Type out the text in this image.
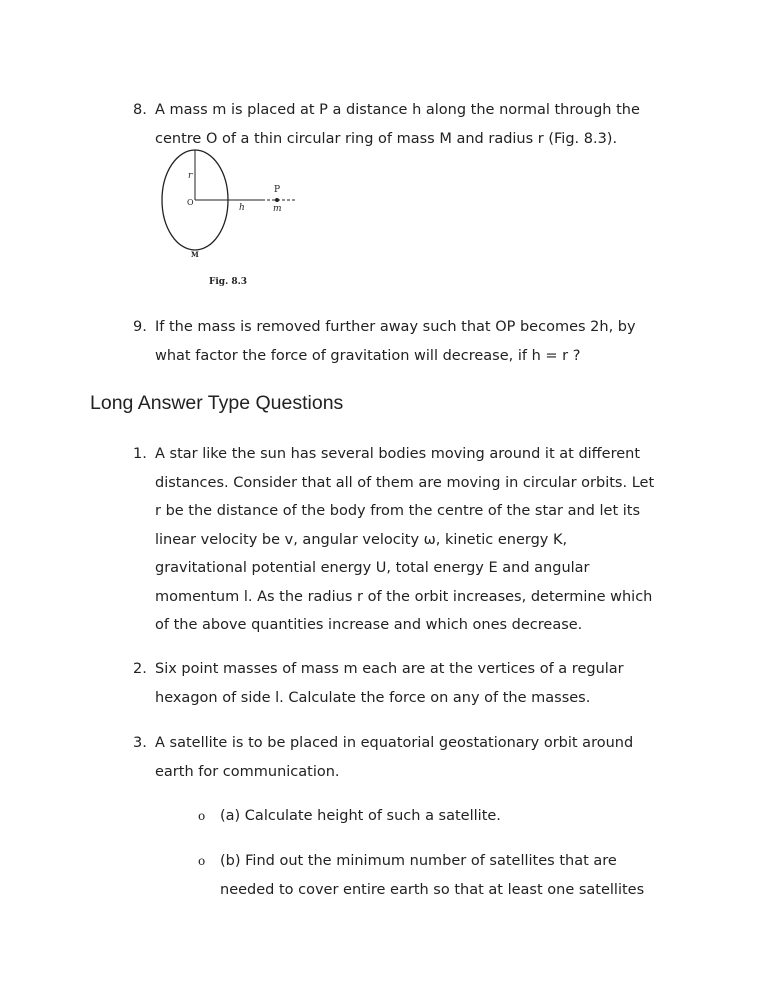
8. A mass m is placed at P a distance h along the normal through the
centre O of a thin circular ring of mass M and radius r (Fig. 8.3).
r
O
h
P
m
M
Fig. 8.3
9. If the mass is removed further away such that OP becomes 2h, by
what factor the force of gravitation will decrease, if h = r ?
Long Answer Type Questions
1. A star like the sun has several bodies moving around it at different
distances. Consider that all of them are moving in circular orbits. Let
r be the distance of the body from the centre of the star and let its
linear velocity be v, angular velocity ω, kinetic energy K,
gravitational potential energy U, total energy E and angular
momentum l. As the radius r of the orbit increases, determine which
of the above quantities increase and which ones decrease.
2. Six point masses of mass m each are at the vertices of a regular
hexagon of side l. Calculate the force on any of the masses.
3. A satellite is to be placed in equatorial geostationary orbit around
earth for communication.
o (a) Calculate height of such a satellite.
o (b) Find out the minimum number of satellites that are
needed to cover entire earth so that at least one satellites
